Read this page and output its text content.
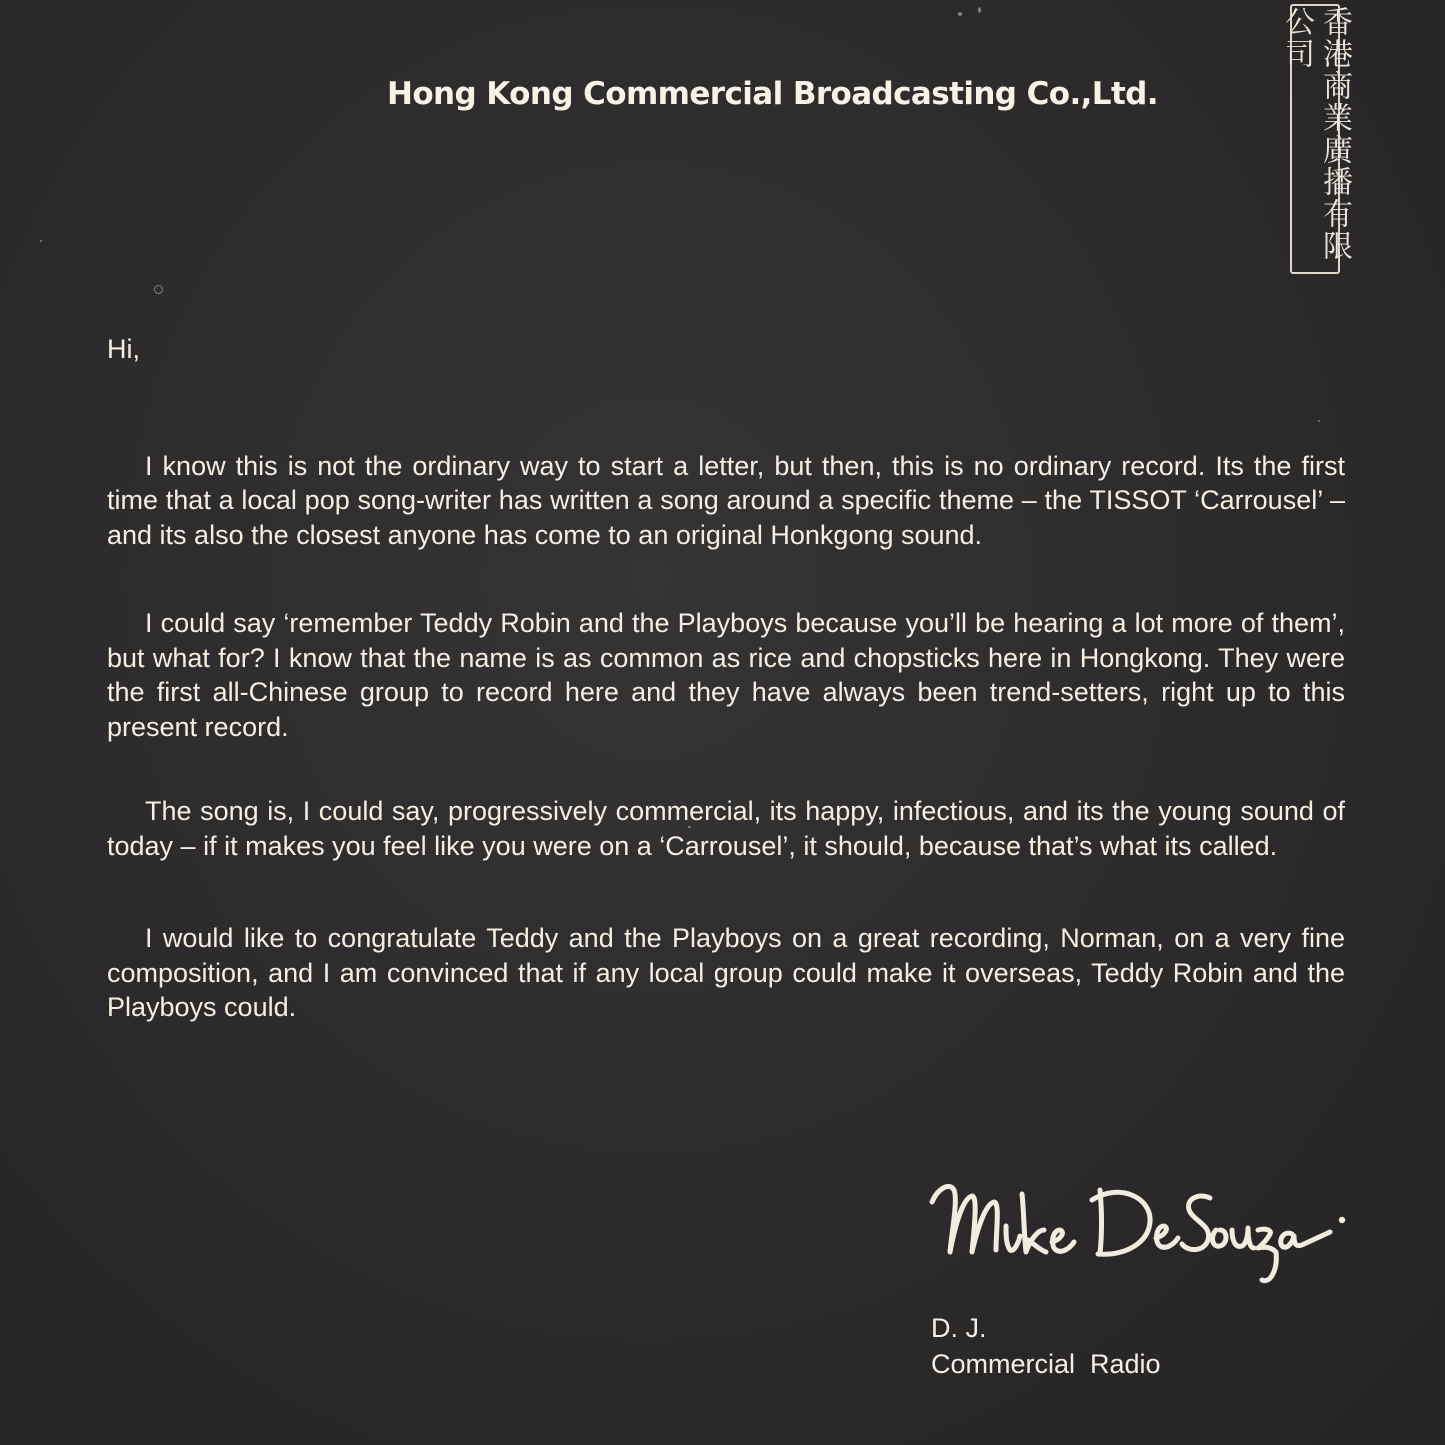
Hong Kong Commercial Broadcasting Co.,Ltd.	香港商業廣播有限公司
Hi,

I know this is not the ordinary way to start a letter, but then, this is no ordinary record. Its the first time that a local pop song-writer has written a song around a specific theme – the TISSOT ‘Carrousel’ – and its also the closest anyone has come to an original Honkgong sound.

I could say ‘remember Teddy Robin and the Playboys because you’ll be hearing a lot more of them’, but what for? I know that the name is as common as rice and chopsticks here in Hongkong. They were the first all-Chinese group to record here and they have always been trend-setters, right up to this present record.

The song is, I could say, progressively commercial, its happy, infectious, and its the young sound of today – if it makes you feel like you were on a ‘Carrousel’, it should, because that’s what its called.

I would like to congratulate Teddy and the Playboys on a great recording, Norman, on a very fine composition, and I am convinced that if any local group could make it overseas, Teddy Robin and the Playboys could.

D. J.
Commercial  Radio
